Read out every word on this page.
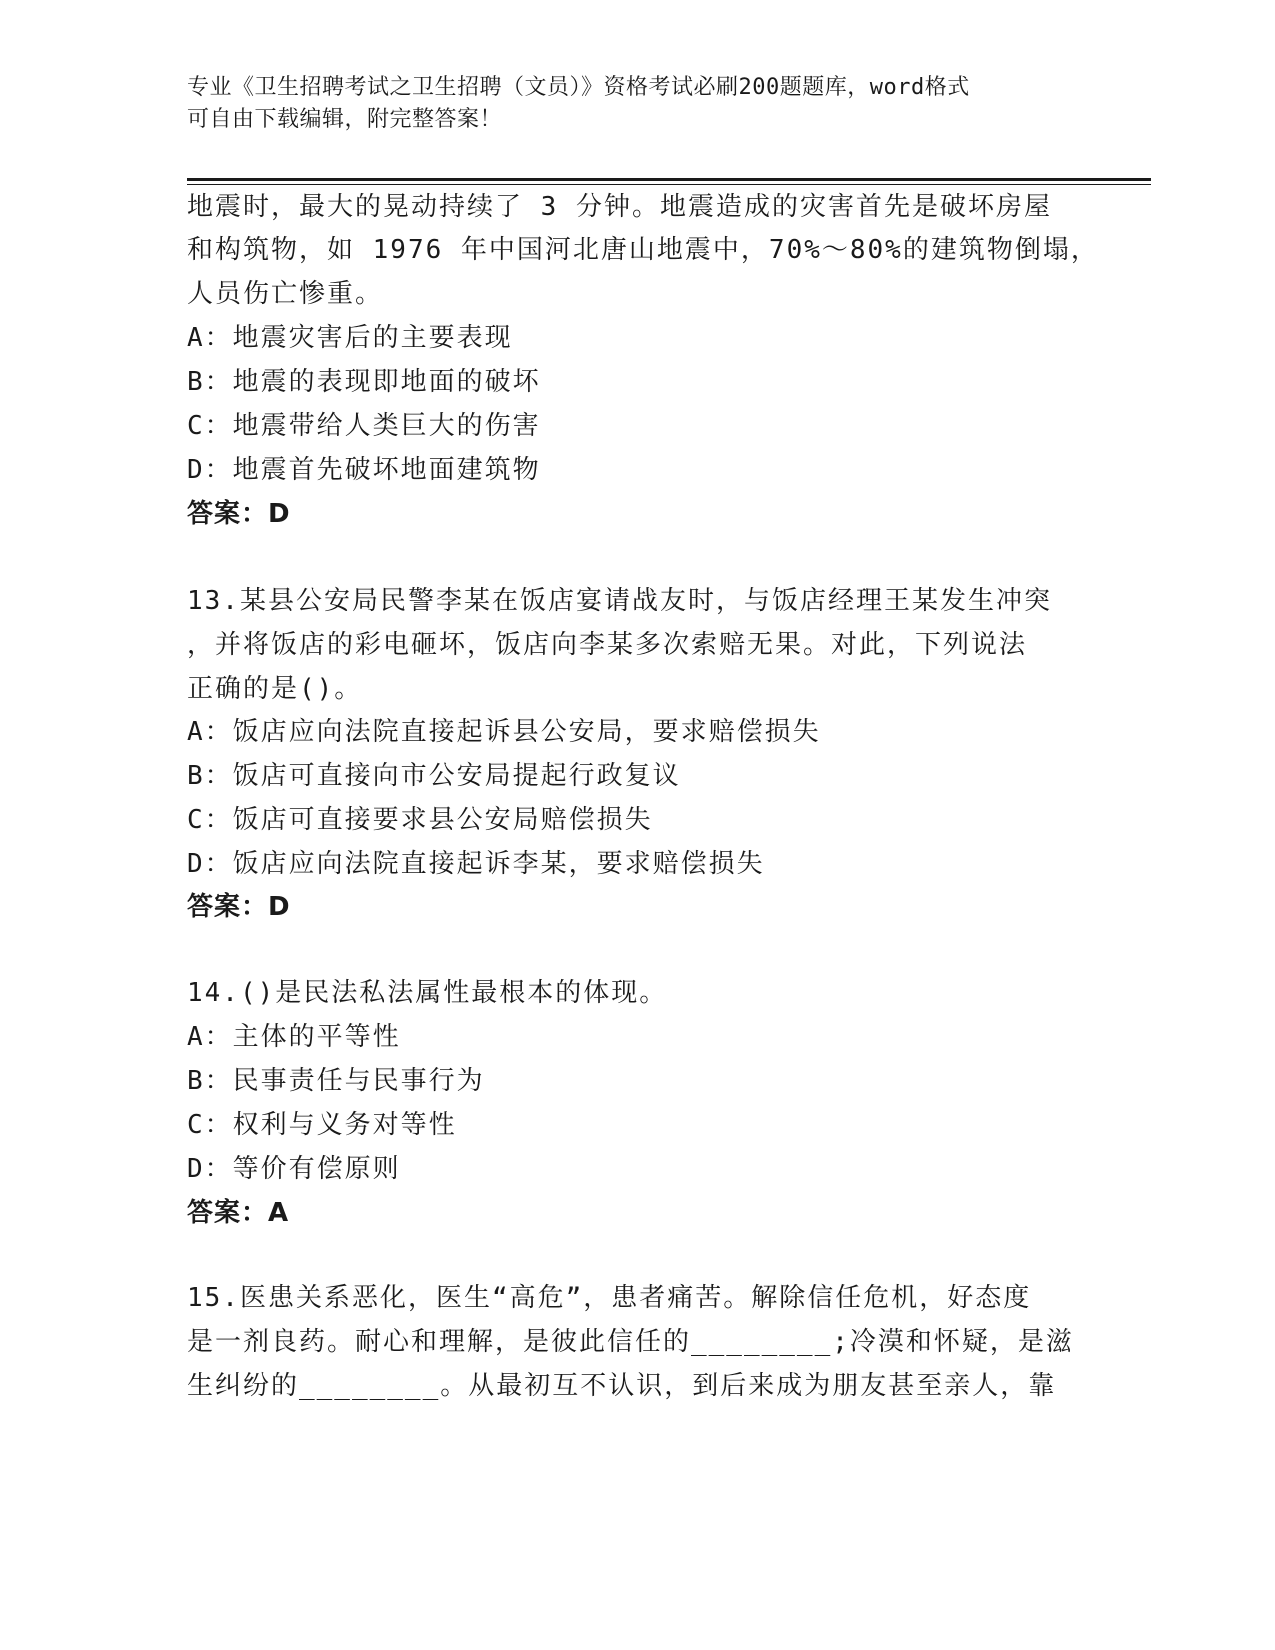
专业《卫生招聘考试之卫生招聘（文员）》资格考试必刷200题题库，word格式
可自由下载编辑，附完整答案！
地震时，最大的晃动持续了 3 分钟。地震造成的灾害首先是破坏房屋
和构筑物，如 1976 年中国河北唐山地震中，70%～80%的建筑物倒塌，
人员伤亡惨重。
A：地震灾害后的主要表现
B：地震的表现即地面的破坏
C：地震带给人类巨大的伤害
D：地震首先破坏地面建筑物
答案：D
13.某县公安局民警李某在饭店宴请战友时，与饭店经理王某发生冲突
，并将饭店的彩电砸坏，饭店向李某多次索赔无果。对此，下列说法
正确的是()。
A：饭店应向法院直接起诉县公安局，要求赔偿损失
B：饭店可直接向市公安局提起行政复议
C：饭店可直接要求县公安局赔偿损失
D：饭店应向法院直接起诉李某，要求赔偿损失
答案：D
14.()是民法私法属性最根本的体现。
A：主体的平等性
B：民事责任与民事行为
C：权利与义务对等性
D：等价有偿原则
答案：A
15.医患关系恶化，医生“高危”，患者痛苦。解除信任危机，好态度
是一剂良药。耐心和理解，是彼此信任的________;冷漠和怀疑，是滋
生纠纷的________。从最初互不认识，到后来成为朋友甚至亲人，靠
